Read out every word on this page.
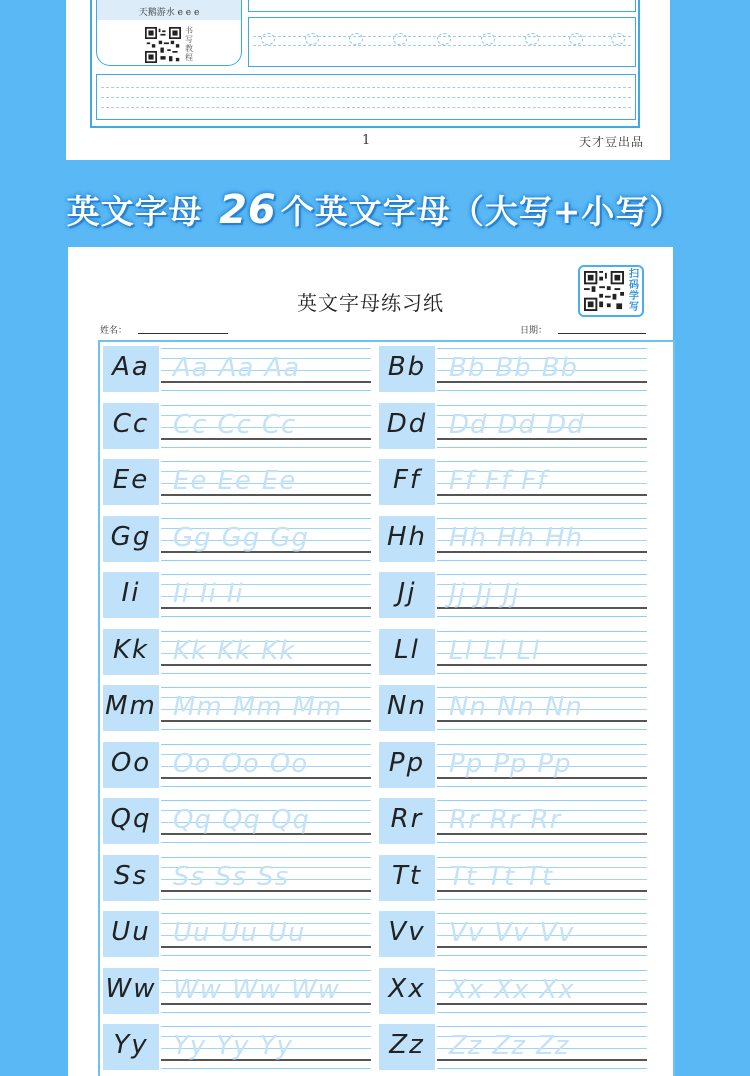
天鹅游水 e e e
书写教程
1	天才豆出品
英文字母 26 个英文字母（大写+小写）
英文字母练习纸
扫码学写
姓名：	日期：
Aa Aa Aa Aa	Bb Bb Bb Bb
Cc Cc Cc Cc	Dd Dd Dd Dd
Ee Ee Ee Ee	Ff	Ff Ff Ff
Gg Gg Gg Gg	Hh Hh Hh Hh
Ii	Ii Ii Ii	Jj	Jj Jj Jj
Kk Kk Kk Kk	Ll	Ll Ll Ll
Mm Mm Mm Mm	Nn Nn Nn Nn
Oo Oo Oo Oo	Pp Pp Pp Pp
Qq Qq Qq Qq	Rr Rr Rr Rr
Ss Ss Ss Ss	Tt	Tt Tt Tt
Uu Uu Uu Uu	Vv Vv Vv Vv
Ww Ww Ww Ww	Xx Xx Xx Xx
Yy Yy Yy Yy	Zz Zz Zz Zz
